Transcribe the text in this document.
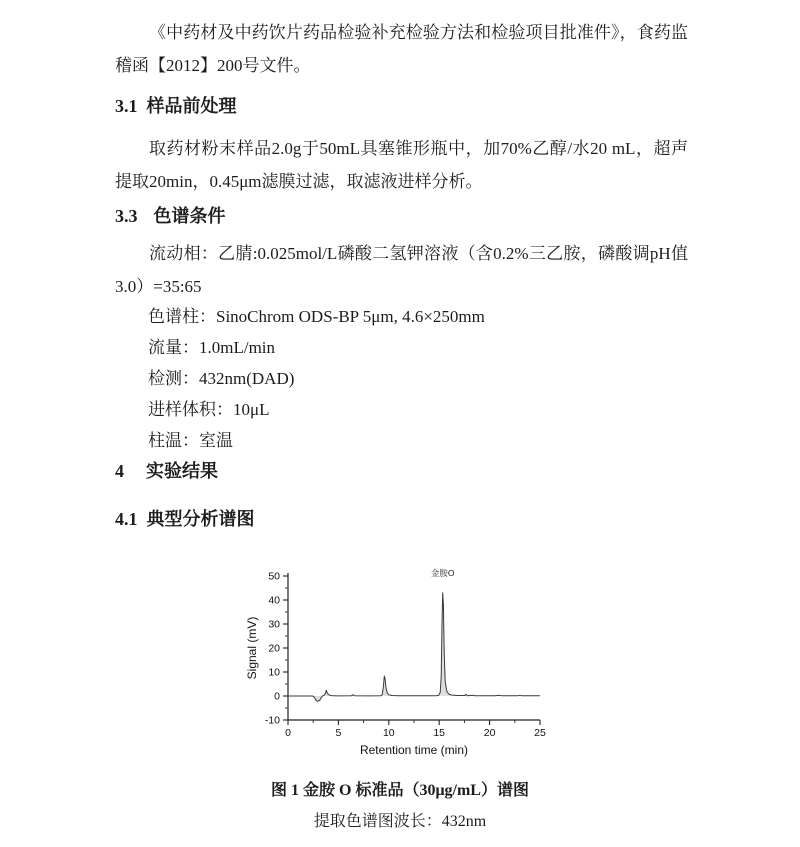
《中药材及中药饮片药品检验补充检验方法和检验项目批准件》，食药监稽函【2012】200号文件。

3.1 样品前处理

取药材粉末样品2.0g于50mL具塞锥形瓶中，加70%乙醇/水20 mL，超声提取20min，0.45μm滤膜过滤，取滤液进样分析。

3.3 色谱条件

流动相：乙腈:0.025mol/L磷酸二氢钾溶液（含0.2%三乙胺，磷酸调pH值3.0）=35:65

色谱柱：SinoChrom ODS-BP 5μm, 4.6×250mm
流量：1.0mL/min
检测：432nm(DAD)
进样体积：10μL
柱温：室温
4 实验结果
4.1 典型分析谱图
-10
0
10
20
30
40
50
0	5	10	15	20	25
Signal (mV)
Retention time (min)
金胺O

图 1 金胺 O 标准品（30μg/mL）谱图

提取色谱图波长：432nm
